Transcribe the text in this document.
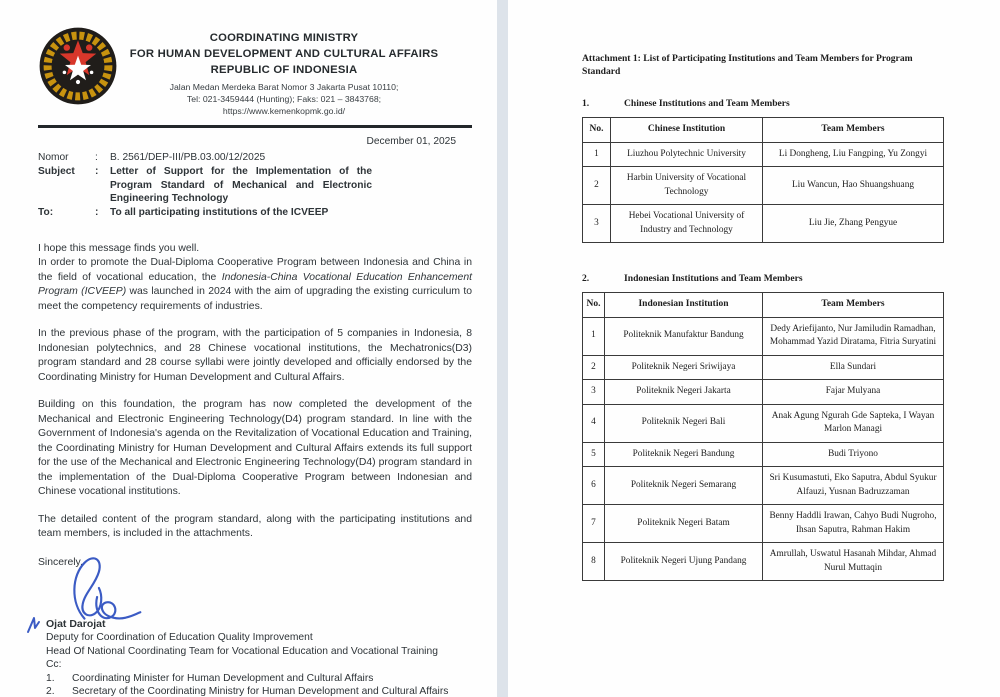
COORDINATING MINISTRY
FOR HUMAN DEVELOPMENT AND CULTURAL AFFAIRS
REPUBLIC OF INDONESIA
Jalan Medan Merdeka Barat Nomor 3 Jakarta Pusat 10110;
Tel: 021-3459444 (Hunting); Faks: 021 – 3843768; https://www.kemenkopmk.go.id/
December 01, 2025
Nomor	:	B. 2561/DEP-III/PB.03.00/12/2025
Subject	:	Letter of Support for the Implementation of the Program Standard of Mechanical and Electronic Engineering Technology
To:	:	To all participating institutions of the ICVEEP
I hope this message finds you well.

In order to promote the Dual-Diploma Cooperative Program between Indonesia and China in the field of vocational education, the Indonesia-China Vocational Education Enhancement Program (ICVEEP) was launched in 2024 with the aim of upgrading the existing curriculum to meet the competency requirements of industries.

In the previous phase of the program, with the participation of 5 companies in Indonesia, 8 Indonesian polytechnics, and 28 Chinese vocational institutions, the Mechatronics(D3) program standard and 28 course syllabi were jointly developed and officially endorsed by the Coordinating Ministry for Human Development and Cultural Affairs.

Building on this foundation, the program has now completed the development of the Mechanical and Electronic Engineering Technology(D4) program standard. In line with the Government of Indonesia's agenda on the Revitalization of Vocational Education and Training, the Coordinating Ministry for Human Development and Cultural Affairs extends its full support for the use of the Mechanical and Electronic Engineering Technology(D4) program standard in the implementation of the Dual-Diploma Cooperative Program between Indonesian and Chinese vocational institutions.

The detailed content of the program standard, along with the participating institutions and team members, is included in the attachments.

Sincerely,
Ojat Darojat
Deputy for Coordination of Education Quality Improvement
Head Of National Coordinating Team for Vocational Education and Vocational Training
Cc:
1.	Coordinating Minister for Human Development and Cultural Affairs
2.	Secretary of the Coordinating Ministry for Human Development and Cultural Affairs
Attachment 1: List of Participating Institutions and Team Members for Program Standard
1.	Chinese Institutions and Team Members
No.	Chinese Institution	Team Members
1	Liuzhou Polytechnic University	Li Dongheng, Liu Fangping, Yu Zongyi
2	Harbin University of Vocational Technology	Liu Wancun, Hao Shuangshuang
3	Hebei Vocational University of Industry and Technology	Liu Jie, Zhang Pengyue
2.	Indonesian Institutions and Team Members
No.	Indonesian Institution	Team Members
1	Politeknik Manufaktur Bandung	Dedy Ariefijanto, Nur Jamiludin Ramadhan, Mohammad Yazid Diratama, Fitria Suryatini
2	Politeknik Negeri Sriwijaya	Ella Sundari
3	Politeknik Negeri Jakarta	Fajar Mulyana
4	Politeknik Negeri Bali	Anak Agung Ngurah Gde Sapteka, I Wayan Marlon Managi
5	Politeknik Negeri Bandung	Budi Triyono
6	Politeknik Negeri Semarang	Sri Kusumastuti, Eko Saputra, Abdul Syukur Alfauzi, Yusnan Badruzzaman
7	Politeknik Negeri Batam	Benny Haddli Irawan, Cahyo Budi Nugroho, Ihsan Saputra, Rahman Hakim
8	Politeknik Negeri Ujung Pandang	Amrullah, Uswatul Hasanah Mihdar, Ahmad Nurul Muttaqin
